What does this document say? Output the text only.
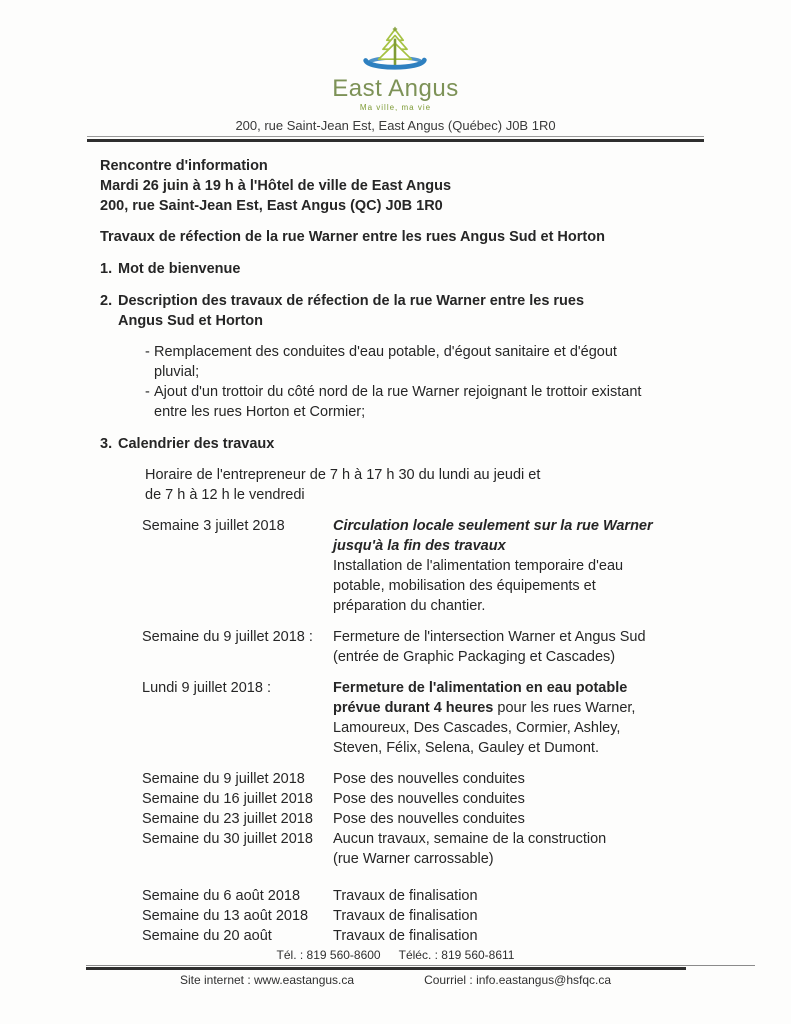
East Angus
Ma ville, ma vie
200, rue Saint-Jean Est, East Angus (Québec) J0B 1R0
Rencontre d'information
Mardi 26 juin à 19 h à l'Hôtel de ville de East Angus
200, rue Saint-Jean Est, East Angus (QC) J0B 1R0
Travaux de réfection de la rue Warner entre les rues Angus Sud et Horton
1. Mot de bienvenue
2. Description des travaux de réfection de la rue Warner entre les rues
Angus Sud et Horton
- Remplacement des conduites d'eau potable, d'égout sanitaire et d'égout
pluvial;
- Ajout d'un trottoir du côté nord de la rue Warner rejoignant le trottoir existant
entre les rues Horton et Cormier;
3. Calendrier des travaux
Horaire de l'entrepreneur de 7 h à 17 h 30 du lundi au jeudi et
de 7 h à 12 h le vendredi
Semaine 3 juillet 2018	Circulation locale seulement sur la rue Warner
jusqu'à la fin des travaux
Installation de l'alimentation temporaire d'eau
potable, mobilisation des équipements et
préparation du chantier.
Semaine du 9 juillet 2018 :	Fermeture de l'intersection Warner et Angus Sud
(entrée de Graphic Packaging et Cascades)
Lundi 9 juillet 2018 :	Fermeture de l'alimentation en eau potable
prévue durant 4 heures pour les rues Warner,
Lamoureux, Des Cascades, Cormier, Ashley,
Steven, Félix, Selena, Gauley et Dumont.
Semaine du 9 juillet 2018	Pose des nouvelles conduites
Semaine du 16 juillet 2018	Pose des nouvelles conduites
Semaine du 23 juillet 2018	Pose des nouvelles conduites
Semaine du 30 juillet 2018	Aucun travaux, semaine de la construction
(rue Warner carrossable)
Semaine du 6 août 2018	Travaux de finalisation
Semaine du 13 août 2018	Travaux de finalisation
Semaine du 20 août	Travaux de finalisation
Tél. : 819 560-8600 Téléc. : 819 560-8611
Site internet : www.eastangus.ca	Courriel : info.eastangus@hsfqc.ca
